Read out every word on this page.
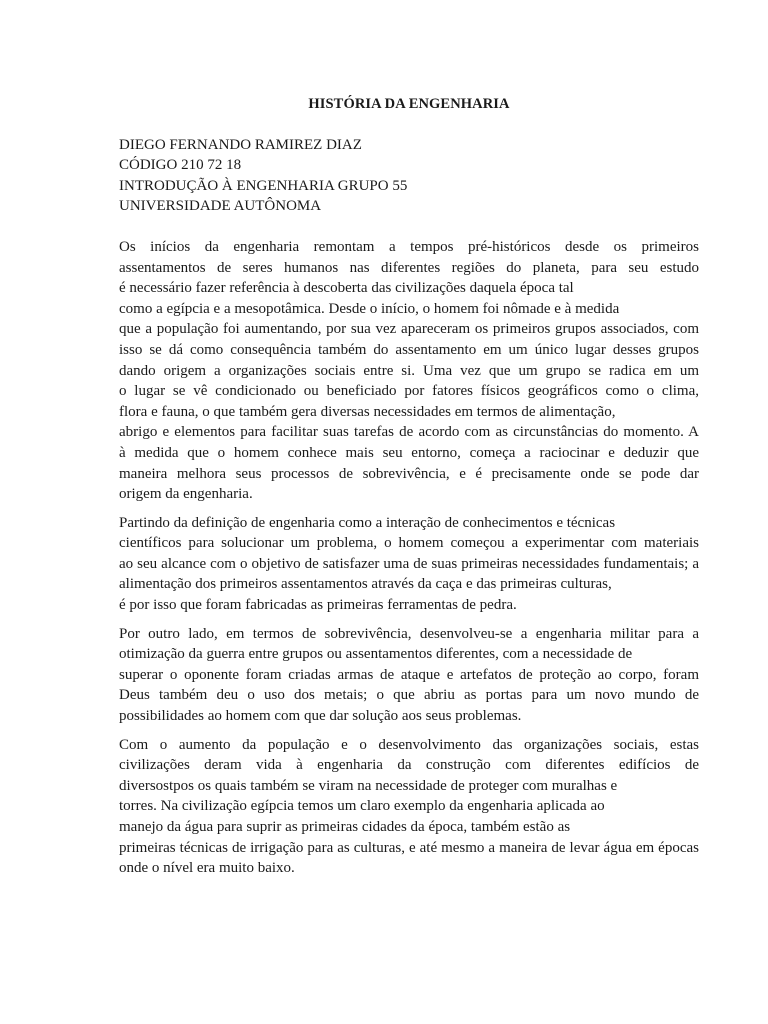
HISTÓRIA DA ENGENHARIA
DIEGO FERNANDO RAMIREZ DIAZ
CÓDIGO 210 72 18
INTRODUÇÃO À ENGENHARIA GRUPO 55
UNIVERSIDADE AUTÔNOMA
Os inícios da engenharia remontam a tempos pré-históricos desde os primeiros
assentamentos de seres humanos nas diferentes regiões do planeta, para seu estudo
é necessário fazer referência à descoberta das civilizações daquela época tal
como a egípcia e a mesopotâmica. Desde o início, o homem foi nômade e à medida
que a população foi aumentando, por sua vez apareceram os primeiros grupos associados, com
isso se dá como consequência também do assentamento em um único lugar desses grupos
dando origem a organizações sociais entre si. Uma vez que um grupo se radica em um
o lugar se vê condicionado ou beneficiado por fatores físicos geográficos como o clima,
flora e fauna, o que também gera diversas necessidades em termos de alimentação,
abrigo e elementos para facilitar suas tarefas de acordo com as circunstâncias do momento. A
à medida que o homem conhece mais seu entorno, começa a raciocinar e deduzir que
maneira melhora seus processos de sobrevivência, e é precisamente onde se pode dar
origem da engenharia.
Partindo da definição de engenharia como a interação de conhecimentos e técnicas
científicos para solucionar um problema, o homem começou a experimentar com materiais
ao seu alcance com o objetivo de satisfazer uma de suas primeiras necessidades fundamentais; a
alimentação dos primeiros assentamentos através da caça e das primeiras culturas,
é por isso que foram fabricadas as primeiras ferramentas de pedra.
Por outro lado, em termos de sobrevivência, desenvolveu-se a engenharia militar para a
otimização da guerra entre grupos ou assentamentos diferentes, com a necessidade de
superar o oponente foram criadas armas de ataque e artefatos de proteção ao corpo, foram
Deus também deu o uso dos metais; o que abriu as portas para um novo mundo de
possibilidades ao homem com que dar solução aos seus problemas.
Com o aumento da população e o desenvolvimento das organizações sociais, estas
civilizações deram vida à engenharia da construção com diferentes edifícios de
diversostpos os quais também se viram na necessidade de proteger com muralhas e
torres. Na civilização egípcia temos um claro exemplo da engenharia aplicada ao
manejo da água para suprir as primeiras cidades da época, também estão as
primeiras técnicas de irrigação para as culturas, e até mesmo a maneira de levar água em épocas
onde o nível era muito baixo.
